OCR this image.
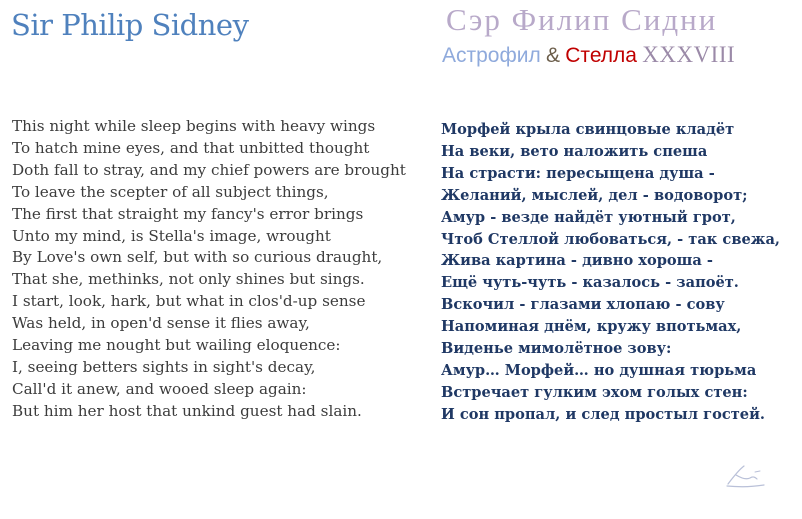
Sir Philip Sidney	Сэр Филип Сидни
Астрофил & Стелла XXXVIII
This night while sleep begins with heavy wings
To hatch mine eyes, and that unbitted thought
Doth fall to stray, and my chief powers are brought
To leave the scepter of all subject things,
The first that straight my fancy's error brings
Unto my mind, is Stella's image, wrought
By Love's own self, but with so curious draught,
That she, methinks, not only shines but sings.
I start, look, hark, but what in clos'd-up sense
Was held, in open'd sense it flies away,
Leaving me nought but wailing eloquence:
I, seeing betters sights in sight's decay,
Call'd it anew, and wooed sleep again:
But him her host that unkind guest had slain.
Морфей крыла свинцовые кладёт
На веки, вето наложить спеша
На страсти: пересыщена душа -
Желаний, мыслей, дел - водоворот;
Амур - везде найдёт уютный грот,
Чтоб Стеллой любоваться, - так свежа,
Жива картина - дивно хороша -
Ещё чуть-чуть - казалось - запоёт.
Вскочил - глазами хлопаю - сову
Напоминая днём, кружу впотьмах,
Виденье мимолётное зову:
Амур… Морфей… но душная тюрьма
Встречает гулким эхом голых стен:
И сон пропал, и след простыл гостей.
